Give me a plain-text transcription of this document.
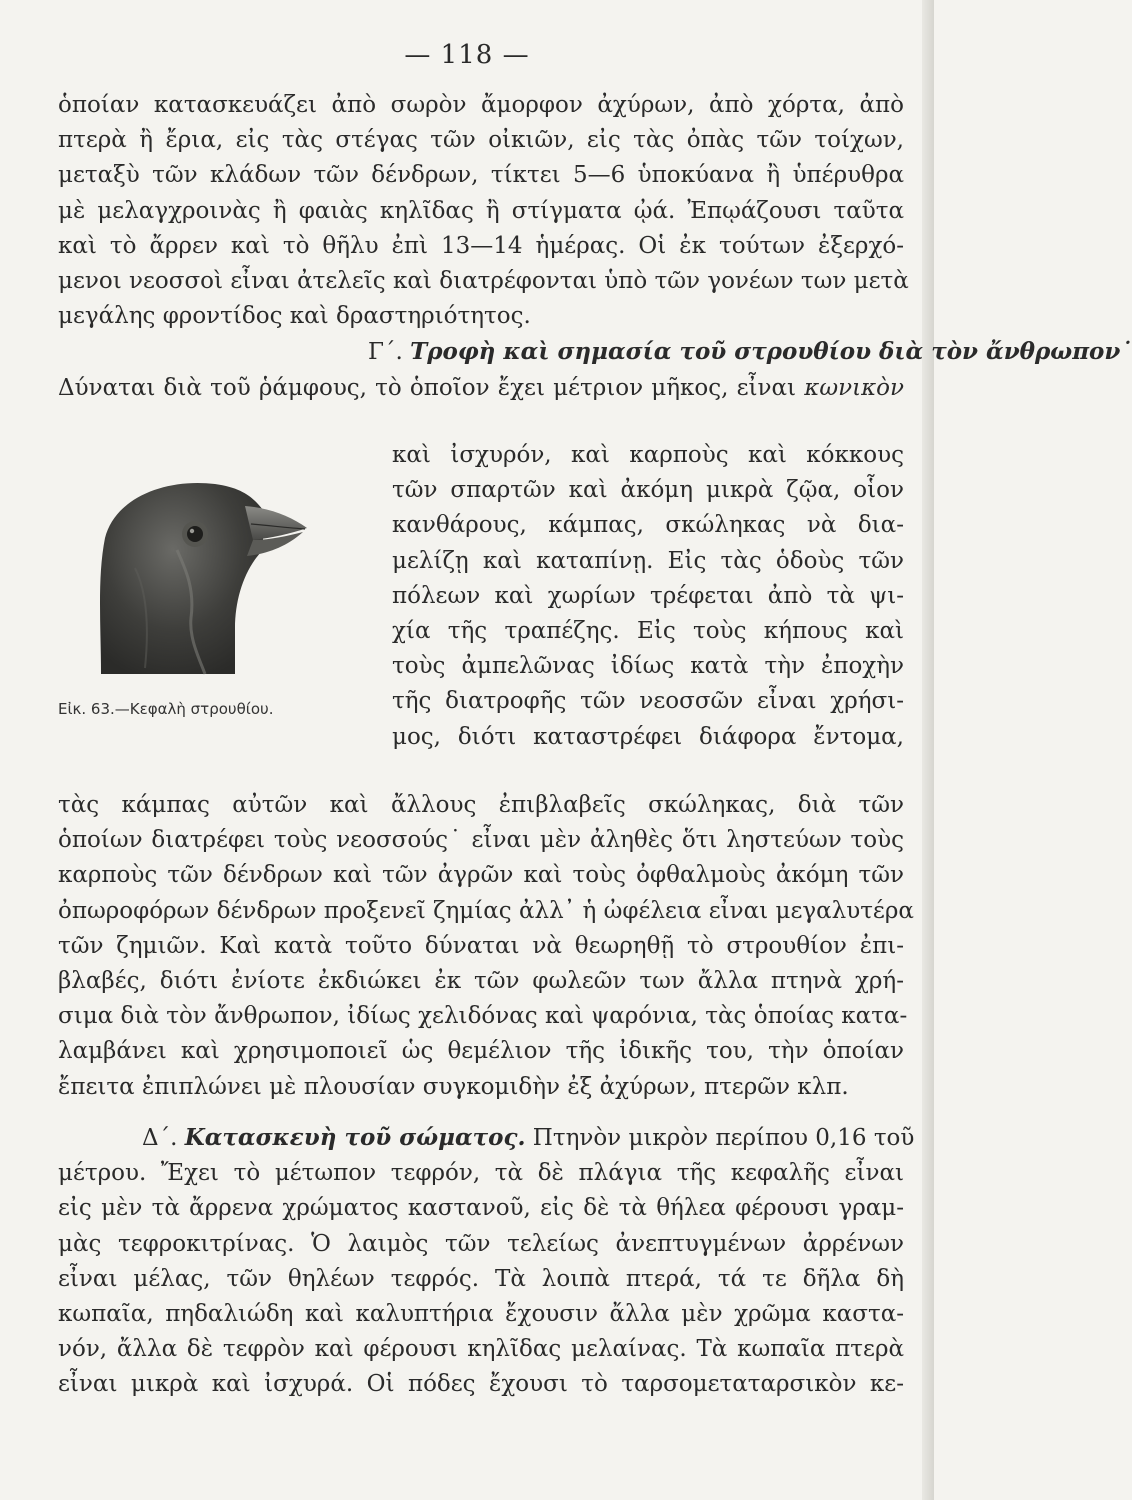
— 118 —
ὁποίαν κατασκευάζει ἀπὸ σωρὸν ἄμορφον ἀχύρων, ἀπὸ χόρτα, ἀπὸ
πτερὰ ἢ ἔρια, εἰς τὰς στέγας τῶν οἰκιῶν, εἰς τὰς ὀπὰς τῶν τοίχων,
μεταξὺ τῶν κλάδων τῶν δένδρων, τίκτει 5—6 ὑποκύανα ἢ ὑπέρυθρα
μὲ μελαγχροινὰς ἢ φαιὰς κηλῖδας ἢ στίγματα ᾠά. Ἐπῳάζουσι ταῦτα
καὶ τὸ ἄρρεν καὶ τὸ θῆλυ ἐπὶ 13—14 ἡμέρας. Οἱ ἐκ τούτων ἐξερχό-
μενοι νεοσσοὶ εἶναι ἀτελεῖς καὶ διατρέφονται ὑπὸ τῶν γονέων των μετὰ
μεγάλης φροντίδος καὶ δραστηριότητος.
Γ΄. Τροφὴ καὶ σημασία τοῦ στρουθίου διὰ τὸν ἄνθρωπον˙
Δύναται διὰ τοῦ ῥάμφους, τὸ ὁποῖον ἔχει μέτριον μῆκος, εἶναι κωνικὸν
καὶ ἰσχυρόν, καὶ καρποὺς καὶ κόκκους
τῶν σπαρτῶν καὶ ἀκόμη μικρὰ ζῷα, οἷον
κανθάρους, κάμπας, σκώληκας νὰ δια-
μελίζῃ καὶ καταπίνῃ. Εἰς τὰς ὁδοὺς τῶν
πόλεων καὶ χωρίων τρέφεται ἀπὸ τὰ ψι-
χία τῆς τραπέζης. Εἰς τοὺς κήπους καὶ
τοὺς ἀμπελῶνας ἰδίως κατὰ τὴν ἐποχὴν
τῆς διατροφῆς τῶν νεοσσῶν εἶναι χρήσι-
μος, διότι καταστρέφει διάφορα ἔντομα,
Εἰκ. 63.—Κεφαλὴ στρουθίου.
τὰς κάμπας αὐτῶν καὶ ἄλλους ἐπιβλαβεῖς σκώληκας, διὰ τῶν
ὁποίων διατρέφει τοὺς νεοσσούς˙ εἶναι μὲν ἀληθὲς ὅτι ληστεύων τοὺς
καρποὺς τῶν δένδρων καὶ τῶν ἀγρῶν καὶ τοὺς ὀφθαλμοὺς ἀκόμη τῶν
ὀπωροφόρων δένδρων προξενεῖ ζημίας ἀλλ᾽ ἡ ὠφέλεια εἶναι μεγαλυτέρα
τῶν ζημιῶν. Καὶ κατὰ τοῦτο δύναται νὰ θεωρηθῇ τὸ στρουθίον ἐπι-
βλαβές, διότι ἐνίοτε ἐκδιώκει ἐκ τῶν φωλεῶν των ἄλλα πτηνὰ χρή-
σιμα διὰ τὸν ἄνθρωπον, ἰδίως χελιδόνας καὶ ψαρόνια, τὰς ὁποίας κατα-
λαμβάνει καὶ χρησιμοποιεῖ ὡς θεμέλιον τῆς ἰδικῆς του, τὴν ὁποίαν
ἔπειτα ἐπιπλώνει μὲ πλουσίαν συγκομιδὴν ἐξ ἀχύρων, πτερῶν κλπ.
Δ΄. Κατασκευὴ τοῦ σώματος. Πτηνὸν μικρὸν περίπου 0,16 τοῦ
μέτρου. Ἔχει τὸ μέτωπον τεφρόν, τὰ δὲ πλάγια τῆς κεφαλῆς εἶναι
εἰς μὲν τὰ ἄρρενα χρώματος καστανοῦ, εἰς δὲ τὰ θήλεα φέρουσι γραμ-
μὰς τεφροκιτρίνας. Ὁ λαιμὸς τῶν τελείως ἀνεπτυγμένων ἀρρένων
εἶναι μέλας, τῶν θηλέων τεφρός. Τὰ λοιπὰ πτερά, τά τε δῆλα δὴ
κωπαῖα, πηδαλιώδη καὶ καλυπτήρια ἔχουσιν ἄλλα μὲν χρῶμα καστα-
νόν, ἄλλα δὲ τεφρὸν καὶ φέρουσι κηλῖδας μελαίνας. Τὰ κωπαῖα πτερὰ
εἶναι μικρὰ καὶ ἰσχυρά. Οἱ πόδες ἔχουσι τὸ ταρσομεταταρσικὸν κε-
